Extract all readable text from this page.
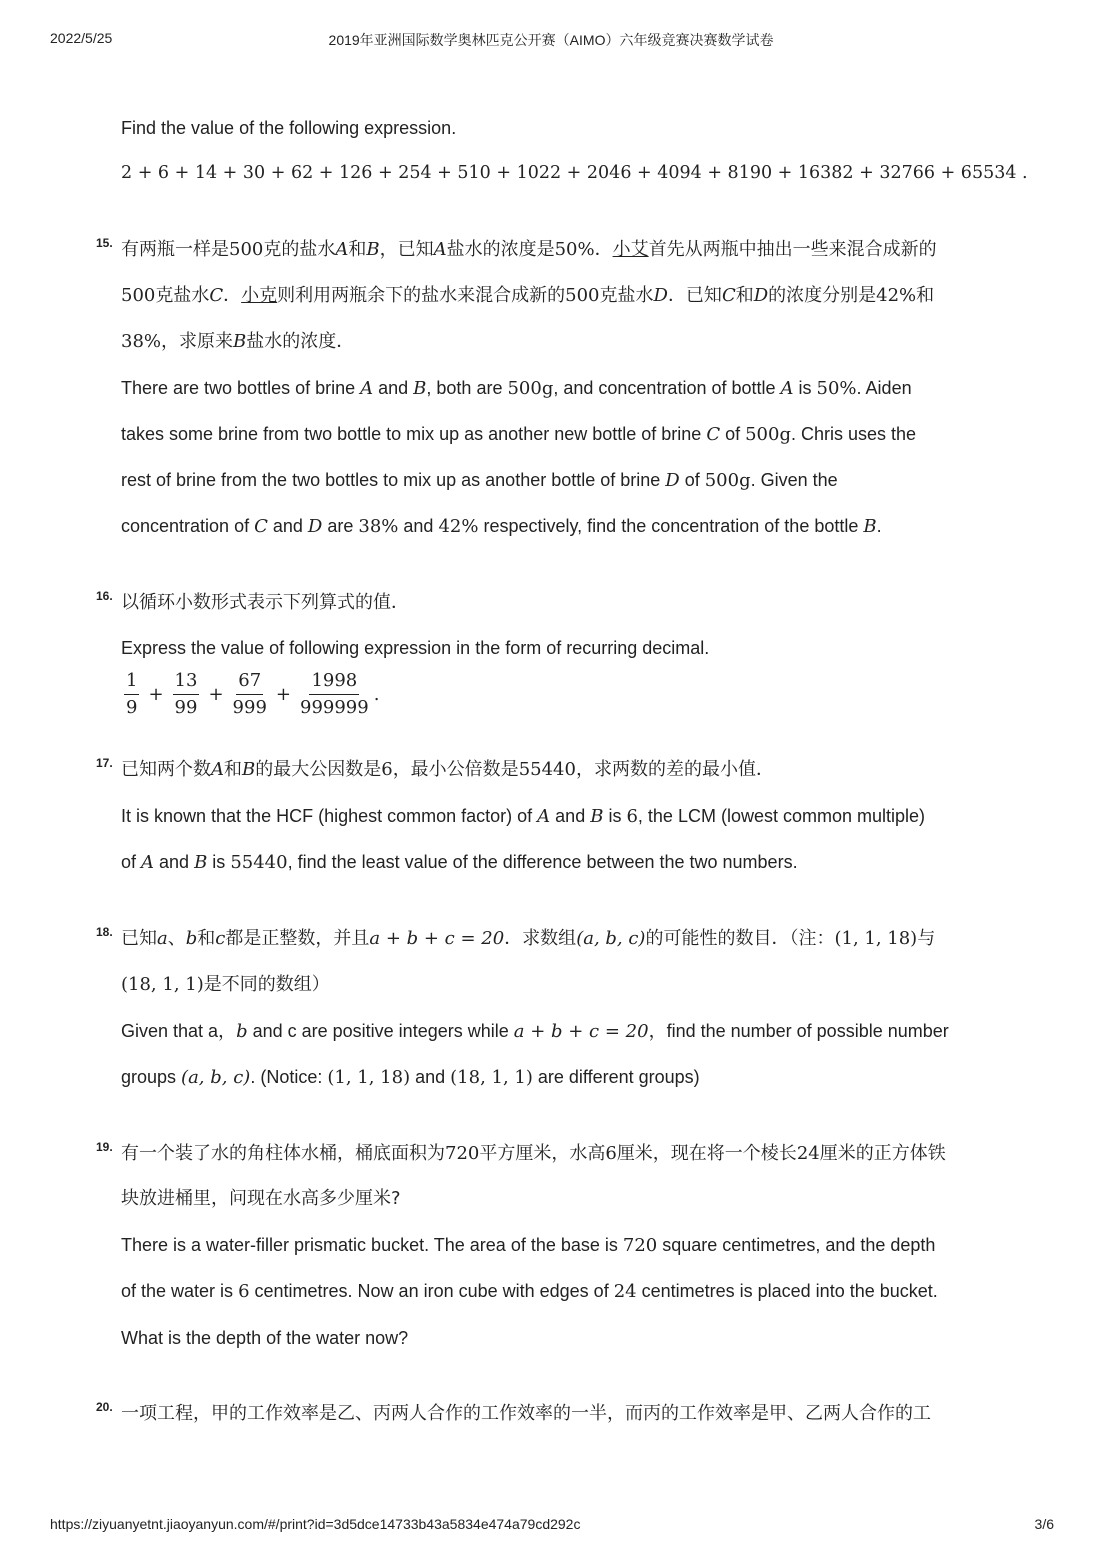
2022/5/25	2019年亚洲国际数学奥林匹克公开赛（AIMO）六年级竞赛决赛数学试卷
Find the value of the following expression.
2 + 6 + 14 + 30 + 62 + 126 + 254 + 510 + 1022 + 2046 + 4094 + 8190 + 16382 + 32766 + 65534 .
15. 有两瓶一样是500克的盐水A和B，已知A盐水的浓度是50%．小艾首先从两瓶中抽出一些来混合成新的
500克盐水C．小克则利用两瓶余下的盐水来混合成新的500克盐水D．已知C和D的浓度分别是42%和
38%，求原来B盐水的浓度．
There are two bottles of brine A and B, both are 500g, and concentration of bottle A is 50%. Aiden
takes some brine from two bottle to mix up as another new bottle of brine C of 500g. Chris uses the
rest of brine from the two bottles to mix up as another bottle of brine D of 500g. Given the
concentration of C and D are 38% and 42% respectively, find the concentration of the bottle B.
16. 以循环小数形式表示下列算式的值．
Express the value of following expression in the form of recurring decimal.
$\frac{1}{9} + \frac{13}{99} + \frac{67}{999} + \frac{1998}{999999}$ .
17. 已知两个数A和B的最大公因数是6，最小公倍数是55440，求两数的差的最小值．
It is known that the HCF (highest common factor) of A and B is 6, the LCM (lowest common multiple)
of A and B is 55440, find the least value of the difference between the two numbers.
18. 已知a、b和c都是正整数，并且a + b + c = 20．求数组(a, b, c)的可能性的数目．（注：(1, 1, 18)与
(18, 1, 1)是不同的数组）
Given that a，b and c are positive integers while a + b + c = 20，find the number of possible number
groups (a, b, c). (Notice: (1, 1, 18) and (18, 1, 1) are different groups)
19. 有一个装了水的角柱体水桶，桶底面积为720平方厘米，水高6厘米，现在将一个棱长24厘米的正方体铁
块放进桶里，问现在水高多少厘米?
There is a water-filler prismatic bucket. The area of the base is 720 square centimetres, and the depth
of the water is 6 centimetres. Now an iron cube with edges of 24 centimetres is placed into the bucket.
What is the depth of the water now?
20. 一项工程，甲的工作效率是乙、丙两人合作的工作效率的一半，而丙的工作效率是甲、乙两人合作的工
https://ziyuanyetnt.jiaoyanyun.com/#/print?id=3d5dce14733b43a5834e474a79cd292c	3/6
